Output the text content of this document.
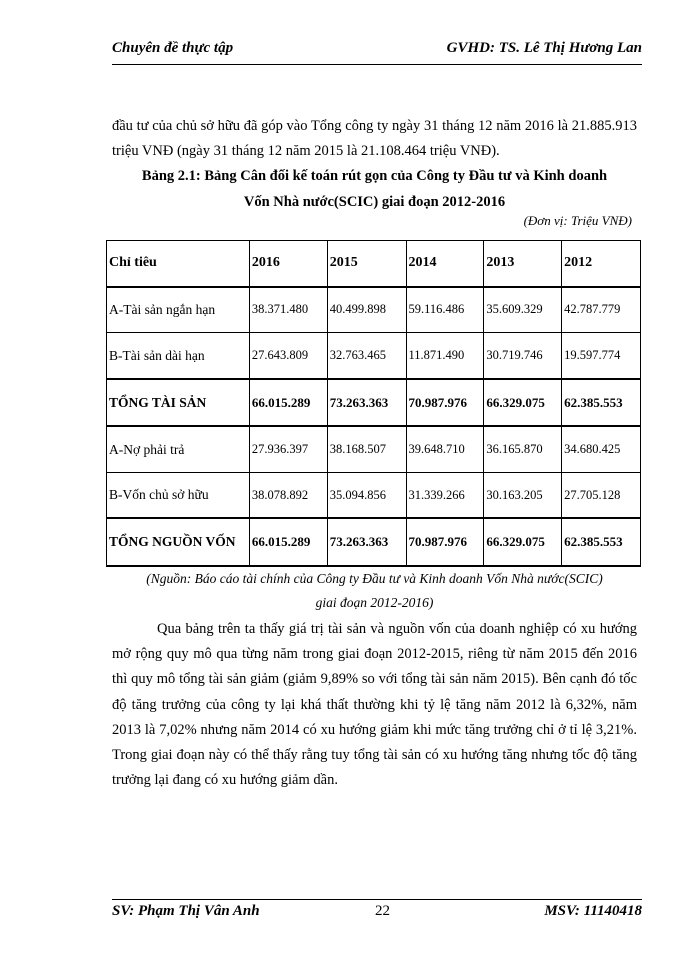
Chuyên đề thực tập	GVHD: TS. Lê Thị Hương Lan
đầu tư của chủ sở hữu đã góp vào Tổng công ty ngày 31 tháng 12 năm 2016 là 21.885.913 triệu VNĐ (ngày 31 tháng 12 năm 2015 là 21.108.464 triệu VNĐ).
Bảng 2.1: Bảng Cân đối kế toán rút gọn của Công ty Đầu tư và Kinh doanh
Vốn Nhà nước(SCIC) giai đoạn 2012-2016
(Đơn vị: Triệu VNĐ)
Chỉ tiêu	2016	2015	2014	2013	2012
A-Tài sản ngắn hạn	38.371.480	40.499.898	59.116.486	35.609.329	42.787.779
B-Tài sản dài hạn	27.643.809	32.763.465	11.871.490	30.719.746	19.597.774
TỔNG TÀI SẢN	66.015.289	73.263.363	70.987.976	66.329.075	62.385.553
A-Nợ phải trả	27.936.397	38.168.507	39.648.710	36.165.870	34.680.425
B-Vốn chủ sở hữu	38.078.892	35.094.856	31.339.266	30.163.205	27.705.128
TỔNG NGUỒN VỐN	66.015.289	73.263.363	70.987.976	66.329.075	62.385.553
(Nguồn: Báo cáo tài chính của Công ty Đầu tư và Kinh doanh Vốn Nhà nước(SCIC)
giai đoạn 2012-2016)
Qua bảng trên ta thấy giá trị tài sản và nguồn vốn của doanh nghiệp có xu hướng mở rộng quy mô qua từng năm trong giai đoạn 2012-2015, riêng từ năm 2015 đến 2016 thì quy mô tổng tài sản giảm (giảm 9,89% so với tổng tài sản năm 2015). Bên cạnh đó tốc độ tăng trưởng của công ty lại khá thất thường khi tỷ lệ tăng năm 2012 là 6,32%, năm 2013 là 7,02% nhưng năm 2014 có xu hướng giảm khi mức tăng trưởng chỉ ở tỉ lệ 3,21%. Trong giai đoạn này có thể thấy rằng tuy tổng tài sản có xu hướng tăng nhưng tốc độ tăng trưởng lại đang có xu hướng giảm dần.
SV: Phạm Thị Vân Anh	22	MSV: 11140418
